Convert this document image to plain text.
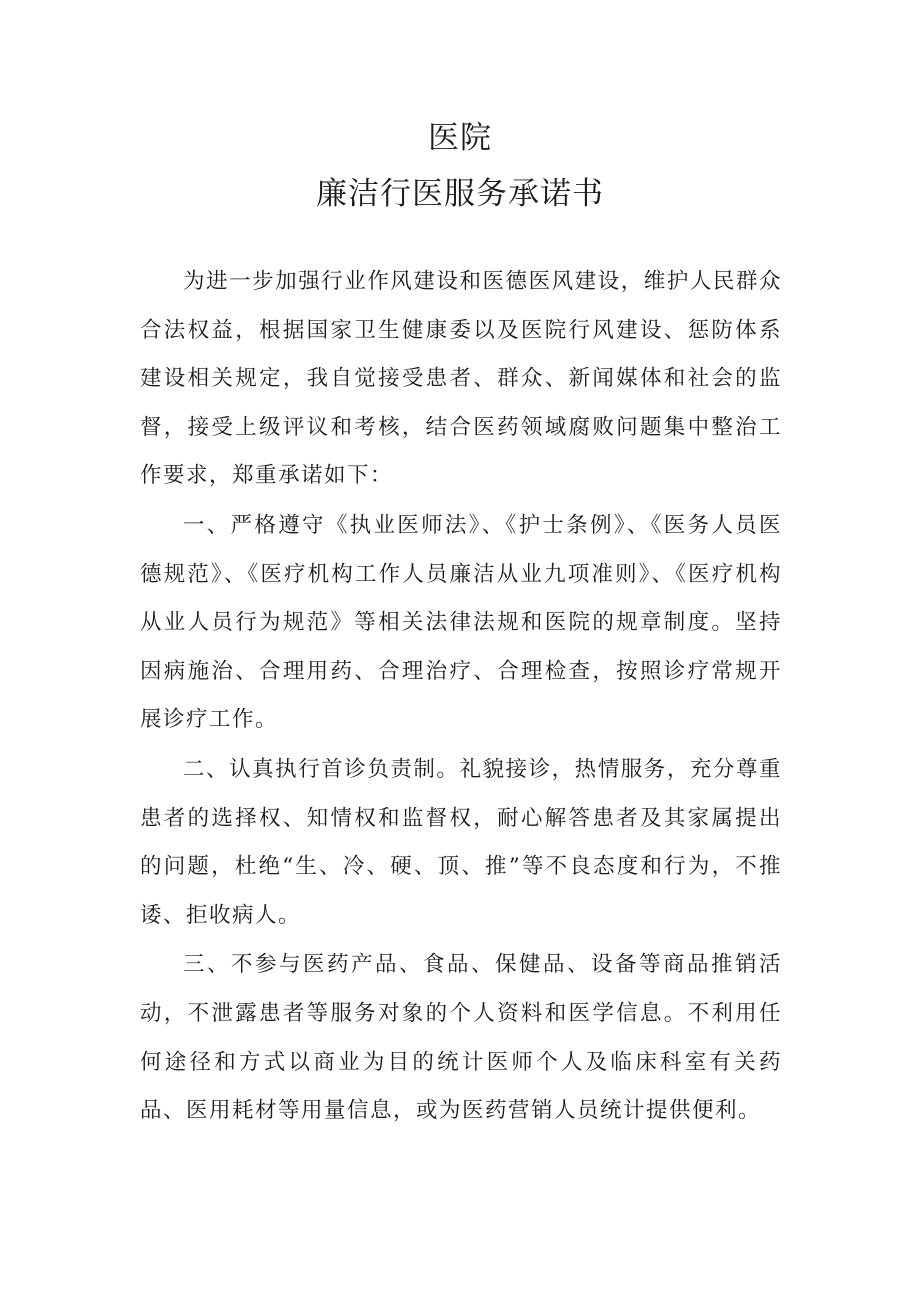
医院
廉洁行医服务承诺书

为进一步加强行业作风建设和医德医风建设，维护人民群众合法权益，根据国家卫生健康委以及医院行风建设、惩防体系建设相关规定，我自觉接受患者、群众、新闻媒体和社会的监督，接受上级评议和考核，结合医药领域腐败问题集中整治工作要求，郑重承诺如下：

一、严格遵守《执业医师法》、《护士条例》、《医务人员医德规范》、《医疗机构工作人员廉洁从业九项准则》、《医疗机构从业人员行为规范》等相关法律法规和医院的规章制度。坚持因病施治、合理用药、合理治疗、合理检查，按照诊疗常规开展诊疗工作。

二、认真执行首诊负责制。礼貌接诊，热情服务，充分尊重患者的选择权、知情权和监督权，耐心解答患者及其家属提出的问题，杜绝“生、冷、硬、顶、推”等不良态度和行为，不推诿、拒收病人。

三、不参与医药产品、食品、保健品、设备等商品推销活动，不泄露患者等服务对象的个人资料和医学信息。不利用任何途径和方式以商业为目的统计医师个人及临床科室有关药品、医用耗材等用量信息，或为医药营销人员统计提供便利。
